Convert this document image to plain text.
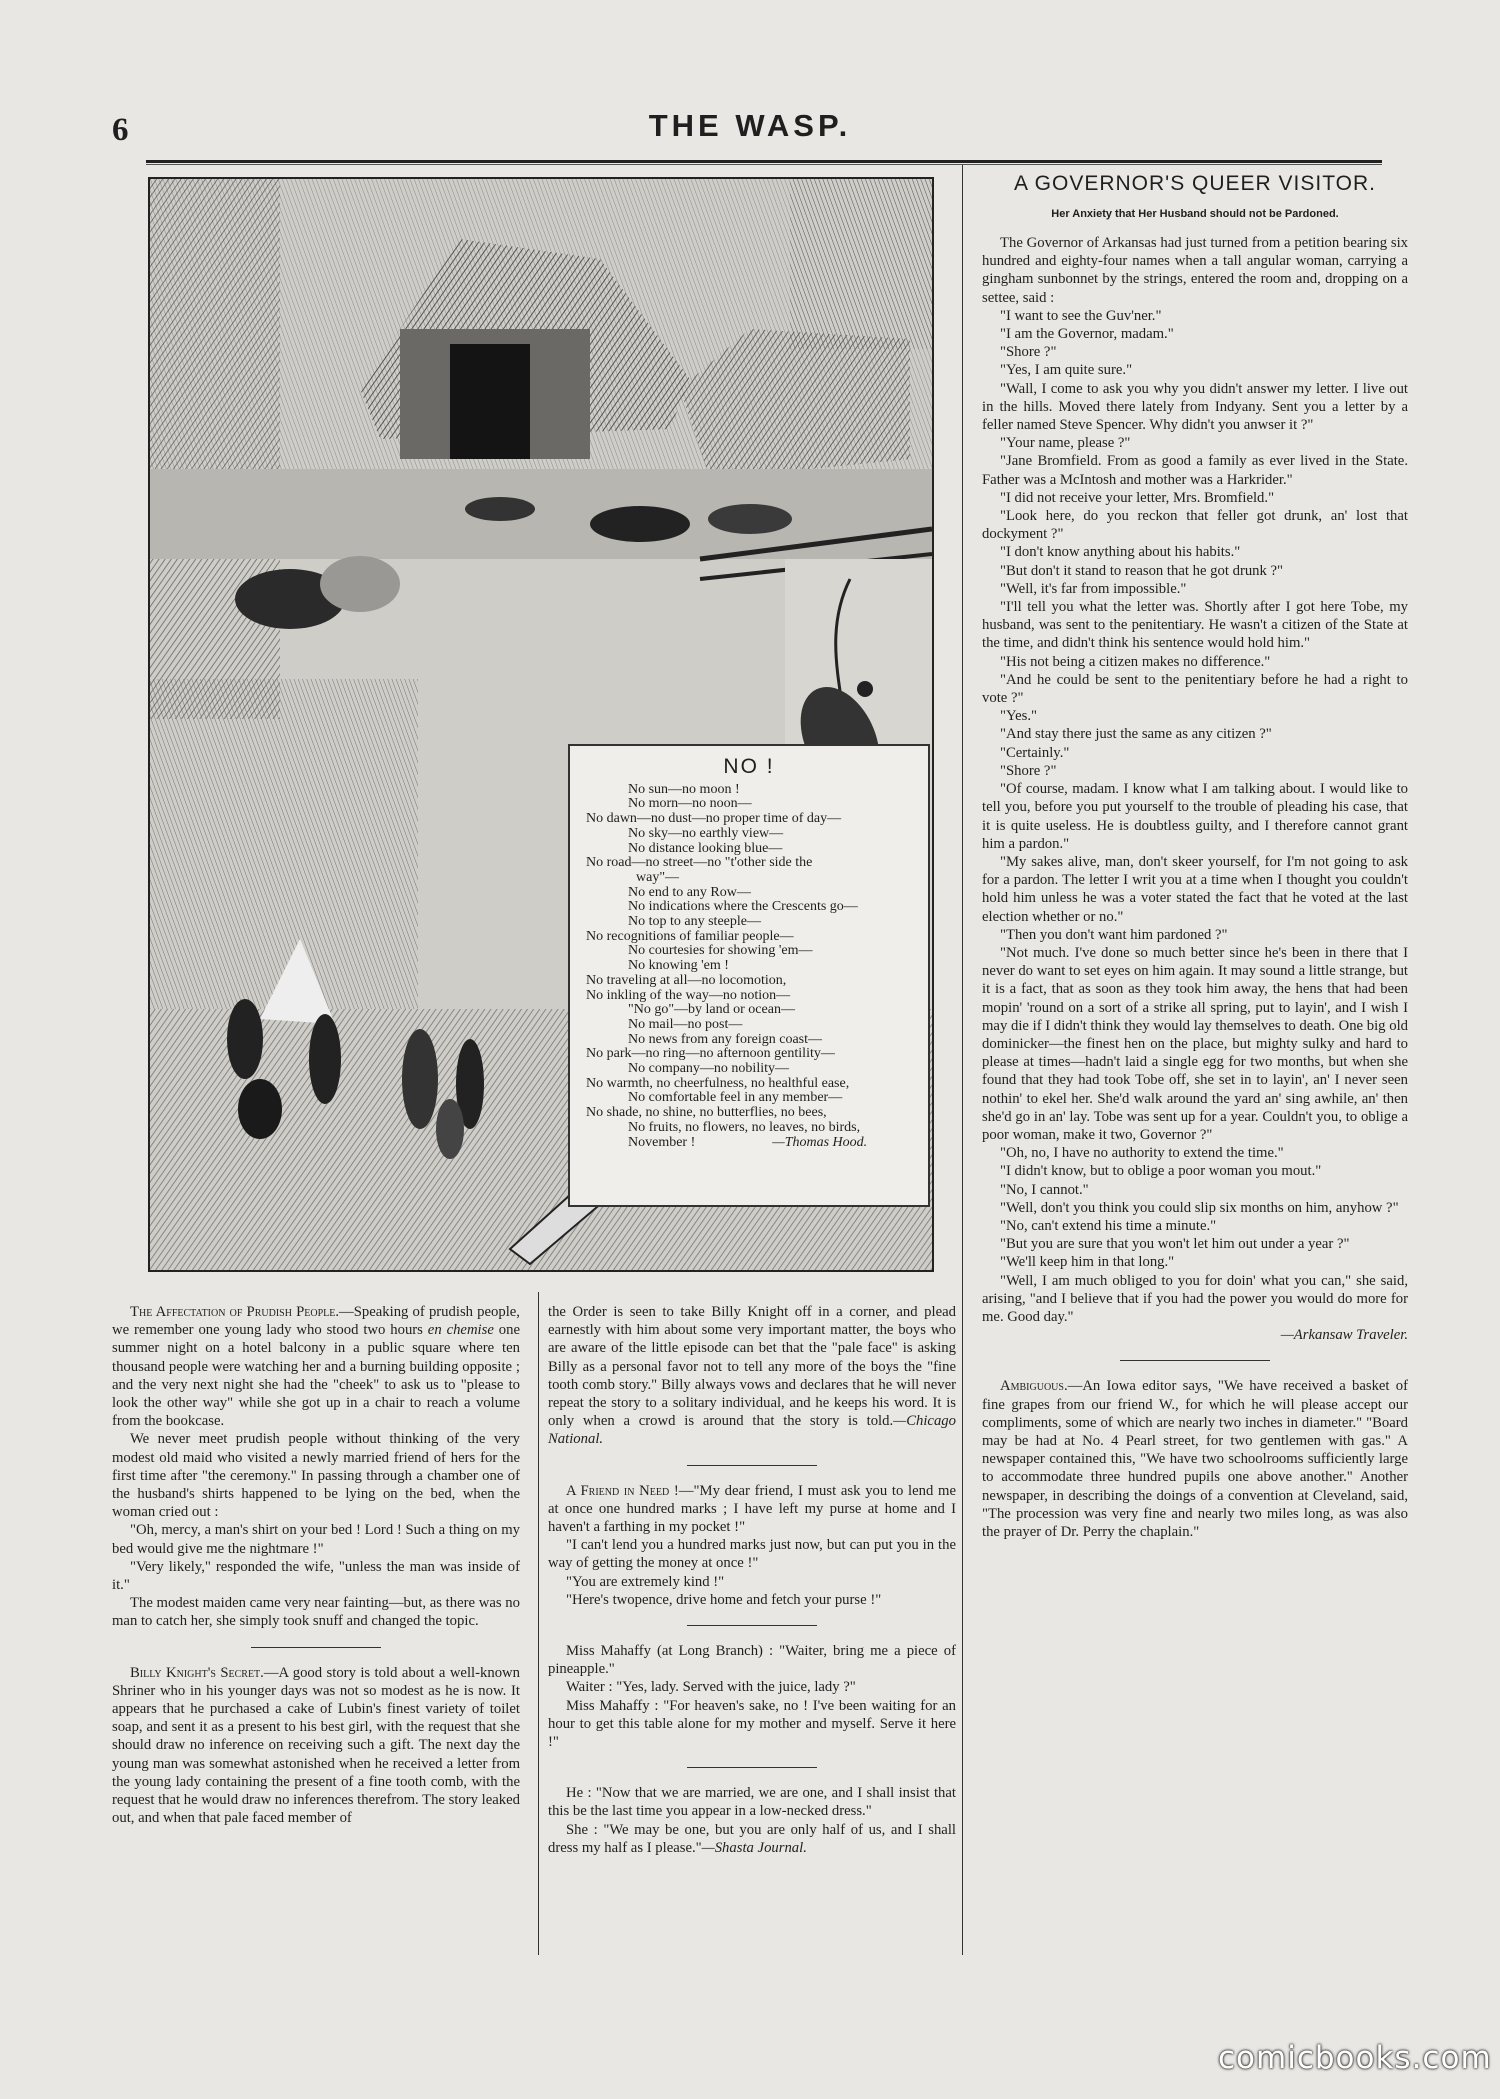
6	THE WASP.
NO !
No sun—no moon !
No morn—no noon—
No dawn—no dust—no proper time of day—
No sky—no earthly view—
No distance looking blue—
No road—no street—no "t'other side the
way"—
No end to any Row—
No indications where the Crescents go—
No top to any steeple—
No recognitions of familiar people—
No courtesies for showing 'em—
No knowing 'em !
No traveling at all—no locomotion,
No inkling of the way—no notion—
"No go"—by land or ocean—
No mail—no post—
No news from any foreign coast—
No park—no ring—no afternoon gentility—
No company—no nobility—
No warmth, no cheerfulness, no healthful ease,
No comfortable feel in any member—
No shade, no shine, no butterflies, no bees,
No fruits, no flowers, no leaves, no birds,
November !	—Thomas Hood.
A GOVERNOR'S QUEER VISITOR.
Her Anxiety that Her Husband should not be Pardoned.

The Governor of Arkansas had just turned from a petition bearing six hundred and eighty-four names when a tall angular woman, carrying a gingham sunbonnet by the strings, entered the room and, dropping on a settee, said :

"I want to see the Guv'ner."

"I am the Governor, madam."

"Shore ?"

"Yes, I am quite sure."

"Wall, I come to ask you why you didn't answer my letter. I live out in the hills. Moved there lately from Indyany. Sent you a letter by a feller named Steve Spencer. Why didn't you anwser it ?"

"Your name, please ?"

"Jane Bromfield. From as good a family as ever lived in the State. Father was a McIntosh and mother was a Harkrider."

"I did not receive your letter, Mrs. Bromfield."

"Look here, do you reckon that feller got drunk, an' lost that dockyment ?"

"I don't know anything about his habits."

"But don't it stand to reason that he got drunk ?"

"Well, it's far from impossible."

"I'll tell you what the letter was. Shortly after I got here Tobe, my husband, was sent to the penitentiary. He wasn't a citizen of the State at the time, and didn't think his sentence would hold him."

"His not being a citizen makes no difference."

"And he could be sent to the penitentiary before he had a right to vote ?"

"Yes."

"And stay there just the same as any citizen ?"

"Certainly."

"Shore ?"

"Of course, madam. I know what I am talking about. I would like to tell you, before you put yourself to the trouble of pleading his case, that it is quite useless. He is doubtless guilty, and I therefore cannot grant him a pardon."

"My sakes alive, man, don't skeer yourself, for I'm not going to ask for a pardon. The letter I writ you at a time when I thought you couldn't hold him unless he was a voter stated the fact that he voted at the last election whether or no."

"Then you don't want him pardoned ?"

"Not much. I've done so much better since he's been in there that I never do want to set eyes on him again. It may sound a little strange, but it is a fact, that as soon as they took him away, the hens that had been mopin' 'round on a sort of a strike all spring, put to layin', and I wish I may die if I didn't think they would lay themselves to death. One big old dominicker—the finest hen on the place, but mighty sulky and hard to please at times—hadn't laid a single egg for two months, but when she found that they had took Tobe off, she set in to layin', an' I never seen nothin' to ekel her. She'd walk around the yard an' sing awhile, an' then she'd go in an' lay. Tobe was sent up for a year. Couldn't you, to oblige a poor woman, make it two, Governor ?"

"Oh, no, I have no authority to extend the time."

"I didn't know, but to oblige a poor woman you mout."

"No, I cannot."

"Well, don't you think you could slip six months on him, anyhow ?"

"No, can't extend his time a minute."

"But you are sure that you won't let him out under a year ?"

"We'll keep him in that long."

"Well, I am much obliged to you for doin' what you can," she said, arising, "and I believe that if you had the power you would do more for me. Good day."

—Arkansaw Traveler.

Ambiguous.—An Iowa editor says, "We have received a basket of fine grapes from our friend W., for which he will please accept our compliments, some of which are nearly two inches in diameter." "Board may be had at No. 4 Pearl street, for two gentlemen with gas." A newspaper contained this, "We have two schoolrooms sufficiently large to accommodate three hundred pupils one above another." Another newspaper, in describing the doings of a convention at Cleveland, said, "The procession was very fine and nearly two miles long, as was also the prayer of Dr. Perry the chaplain."

The Affectation of Prudish People.—Speaking of prudish people, we remember one young lady who stood two hours en chemise one summer night on a hotel balcony in a public square where ten thousand people were watching her and a burning building opposite ; and the very next night she had the "cheek" to ask us to "please to look the other way" while she got up in a chair to reach a volume from the bookcase.

We never meet prudish people without thinking of the very modest old maid who visited a newly married friend of hers for the first time after "the ceremony." In passing through a chamber one of the husband's shirts happened to be lying on the bed, when the woman cried out :

"Oh, mercy, a man's shirt on your bed ! Lord ! Such a thing on my bed would give me the nightmare !"

"Very likely," responded the wife, "unless the man was inside of it."

The modest maiden came very near fainting—but, as there was no man to catch her, she simply took snuff and changed the topic.

Billy Knight's Secret.—A good story is told about a well-known Shriner who in his younger days was not so modest as he is now. It appears that he purchased a cake of Lubin's finest variety of toilet soap, and sent it as a present to his best girl, with the request that she should draw no inference on receiving such a gift. The next day the young man was somewhat astonished when he received a letter from the young lady containing the present of a fine tooth comb, with the request that he would draw no inferences therefrom. The story leaked out, and when that pale faced member of

the Order is seen to take Billy Knight off in a corner, and plead earnestly with him about some very important matter, the boys who are aware of the little episode can bet that the "pale face" is asking Billy as a personal favor not to tell any more of the boys the "fine tooth comb story." Billy always vows and declares that he will never repeat the story to a solitary individual, and he keeps his word. It is only when a crowd is around that the story is told.—Chicago National.

A Friend in Need !—"My dear friend, I must ask you to lend me at once one hundred marks ; I have left my purse at home and I haven't a farthing in my pocket !"

"I can't lend you a hundred marks just now, but can put you in the way of getting the money at once !"

"You are extremely kind !"

"Here's twopence, drive home and fetch your purse !"

Miss Mahaffy (at Long Branch) : "Waiter, bring me a piece of pineapple."

Waiter : "Yes, lady. Served with the juice, lady ?"

Miss Mahaffy : "For heaven's sake, no ! I've been waiting for an hour to get this table alone for my mother and myself. Serve it here !"

He : "Now that we are married, we are one, and I shall insist that this be the last time you appear in a low-necked dress."

She : "We may be one, but you are only half of us, and I shall dress my half as I please."—Shasta Journal.

comicbooks.com
